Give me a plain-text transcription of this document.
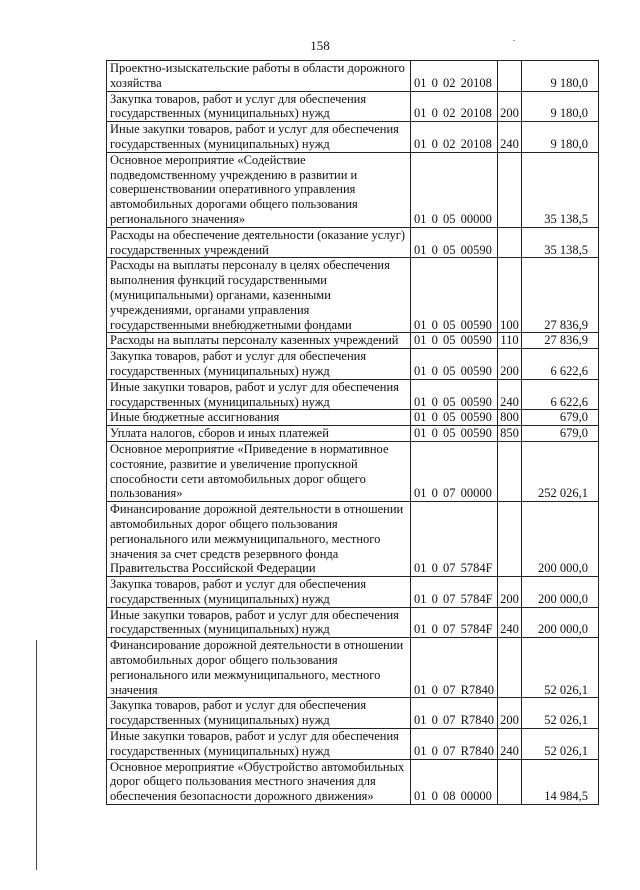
158
Проектно-изыскательские работы в области дорожного хозяйства	01 0 02 20108		9 180,0
Закупка товаров, работ и услуг для обеспечения государственных (муниципальных) нужд	01 0 02 20108	200	9 180,0
Иные закупки товаров, работ и услуг для обеспечения государственных (муниципальных) нужд	01 0 02 20108	240	9 180,0
Основное мероприятие «Содействие подведомственному учреждению в развитии и совершенствовании оперативного управления автомобильных дорогами общего пользования регионального значения»	01 0 05 00000		35 138,5
Расходы на обеспечение деятельности (оказание услуг) государственных учреждений	01 0 05 00590		35 138,5
Расходы на выплаты персоналу в целях обеспечения выполнения функций государственными (муниципальными) органами, казенными учреждениями, органами управления государственными внебюджетными фондами	01 0 05 00590	100	27 836,9
Расходы на выплаты персоналу казенных учреждений	01 0 05 00590	110	27 836,9
Закупка товаров, работ и услуг для обеспечения государственных (муниципальных) нужд	01 0 05 00590	200	6 622,6
Иные закупки товаров, работ и услуг для обеспечения государственных (муниципальных) нужд	01 0 05 00590	240	6 622,6
Иные бюджетные ассигнования	01 0 05 00590	800	679,0
Уплата налогов, сборов и иных платежей	01 0 05 00590	850	679,0
Основное мероприятие «Приведение в нормативное состояние, развитие и увеличение пропускной способности сети автомобильных дорог общего пользования»	01 0 07 00000		252 026,1
Финансирование дорожной деятельности в отношении автомобильных дорог общего пользования регионального или межмуниципального, местного значения за счет средств резервного фонда Правительства Российской Федерации	01 0 07 5784F		200 000,0
Закупка товаров, работ и услуг для обеспечения государственных (муниципальных) нужд	01 0 07 5784F	200	200 000,0
Иные закупки товаров, работ и услуг для обеспечения государственных (муниципальных) нужд	01 0 07 5784F	240	200 000,0
Финансирование дорожной деятельности в отношении автомобильных дорог общего пользования регионального или межмуниципального, местного значения	01 0 07 R7840		52 026,1
Закупка товаров, работ и услуг для обеспечения государственных (муниципальных) нужд	01 0 07 R7840	200	52 026,1
Иные закупки товаров, работ и услуг для обеспечения государственных (муниципальных) нужд	01 0 07 R7840	240	52 026,1
Основное мероприятие «Обустройство автомобильных дорог общего пользования местного значения для обеспечения безопасности дорожного движения»	01 0 08 00000		14 984,5
